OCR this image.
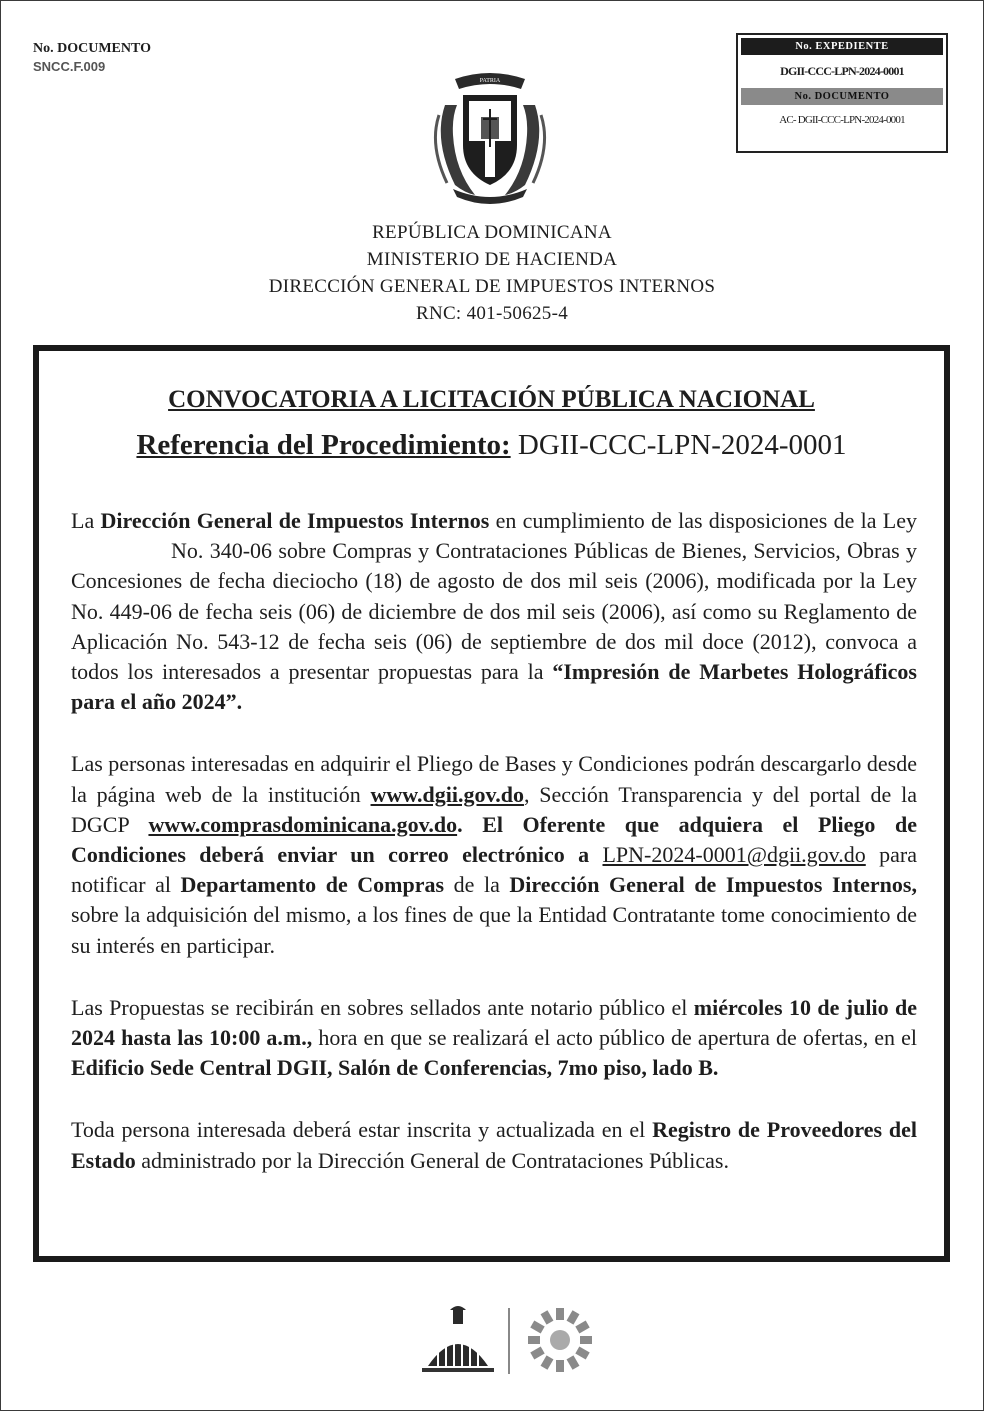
No. DOCUMENTO
SNCC.F.009
No. EXPEDIENTE
DGII-CCC-LPN-2024-0001
No. DOCUMENTO
AC- DGII-CCC-LPN-2024-0001
PATRIA
REPÚBLICA DOMINICANA
MINISTERIO DE HACIENDA
DIRECCIÓN GENERAL DE IMPUESTOS INTERNOS
RNC: 401-50625-4
CONVOCATORIA A LICITACIÓN PÚBLICA NACIONAL
Referencia del Procedimiento: DGII-CCC-LPN-2024-0001

La Dirección General de Impuestos Internos en cumplimiento de las disposiciones de la LeyNo. 340-06 sobre Compras y Contrataciones Públicas de Bienes, Servicios, Obras y Concesiones de fecha dieciocho (18) de agosto de dos mil seis (2006), modificada por la Ley No. 449-06 de fecha seis (06) de diciembre de dos mil seis (2006), así como su Reglamento de Aplicación No. 543-12 de fecha seis (06) de septiembre de dos mil doce (2012), convoca a todos los interesados a presentar propuestas para la “Impresión de Marbetes Holográficos para el año 2024”.

Las personas interesadas en adquirir el Pliego de Bases y Condiciones podrán descargarlo desde la página web de la institución www.dgii.gov.do, Sección Transparencia y del portal de la DGCP www.comprasdominicana.gov.do. El Oferente que adquiera el Pliego de Condiciones deberá enviar un correo electrónico a LPN-2024-0001@dgii.gov.do para notificar al Departamento de Compras de la Dirección General de Impuestos Internos, sobre la adquisición del mismo, a los fines de que la Entidad Contratante tome conocimiento de su interés en participar.

Las Propuestas se recibirán en sobres sellados ante notario público el miércoles 10 de julio de 2024 hasta las 10:00 a.m., hora en que se realizará el acto público de apertura de ofertas, en el Edificio Sede Central DGII, Salón de Conferencias, 7mo piso, lado B.

Toda persona interesada deberá estar inscrita y actualizada en el Registro de Proveedores del Estado administrado por la Dirección General de Contrataciones Públicas.
